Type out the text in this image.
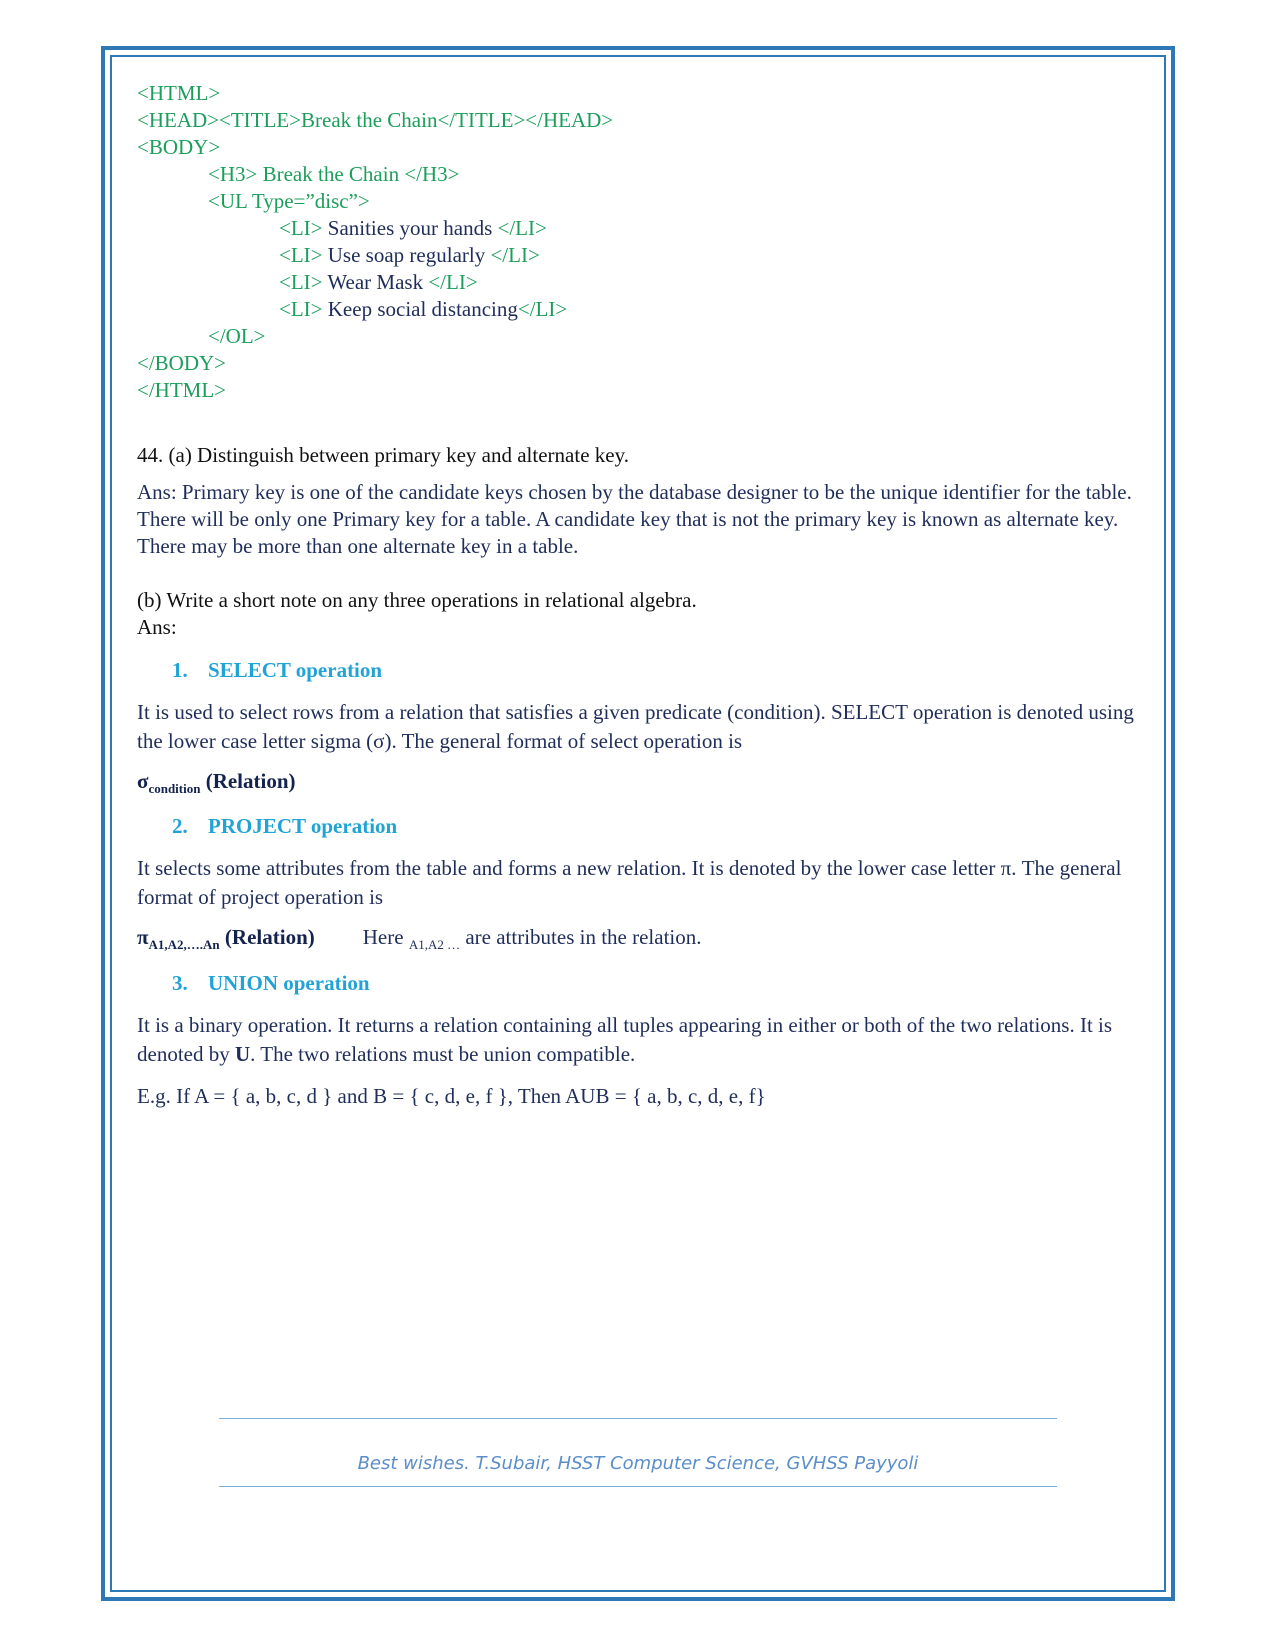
<HTML>
<HEAD><TITLE>Break the Chain</TITLE></HEAD>
<BODY>
<H3> Break the Chain </H3>
<UL Type=”disc”>
<LI> Sanities your hands </LI>
<LI> Use soap regularly </LI>
<LI> Wear Mask </LI>
<LI> Keep social distancing</LI>
</OL>
</BODY>
</HTML>

44. (a) Distinguish between primary key and alternate key.

Ans: Primary key is one of the candidate keys chosen by the database designer to be the unique identifier for the table. There will be only one Primary key for a table. A candidate key that is not the primary key is known as alternate key. There may be more than one alternate key in a table.

(b) Write a short note on any three operations in relational algebra.

Ans:

1. SELECT operation

It is used to select rows from a relation that satisfies a given predicate (condition). SELECT operation is denoted using the lower case letter sigma (σ). The general format of select operation is

$\sigma_{condition}$ (Relation)

2. PROJECT operation

It selects some attributes from the table and forms a new relation. It is denoted by the lower case letter π. The general format of project operation is

$\pi_{A1,A2,\dots.An}$ (Relation) Here $_{A1,A2 \dots}$ are attributes in the relation.

3. UNION operation

It is a binary operation. It returns a relation containing all tuples appearing in either or both of the two relations. It is denoted by U. The two relations must be union compatible.

E.g. If A = { a, b, c, d } and B = { c, d, e, f }, Then AUB = { a, b, c, d, e, f}

Best wishes. T.Subair, HSST Computer Science, GVHSS Payyoli
